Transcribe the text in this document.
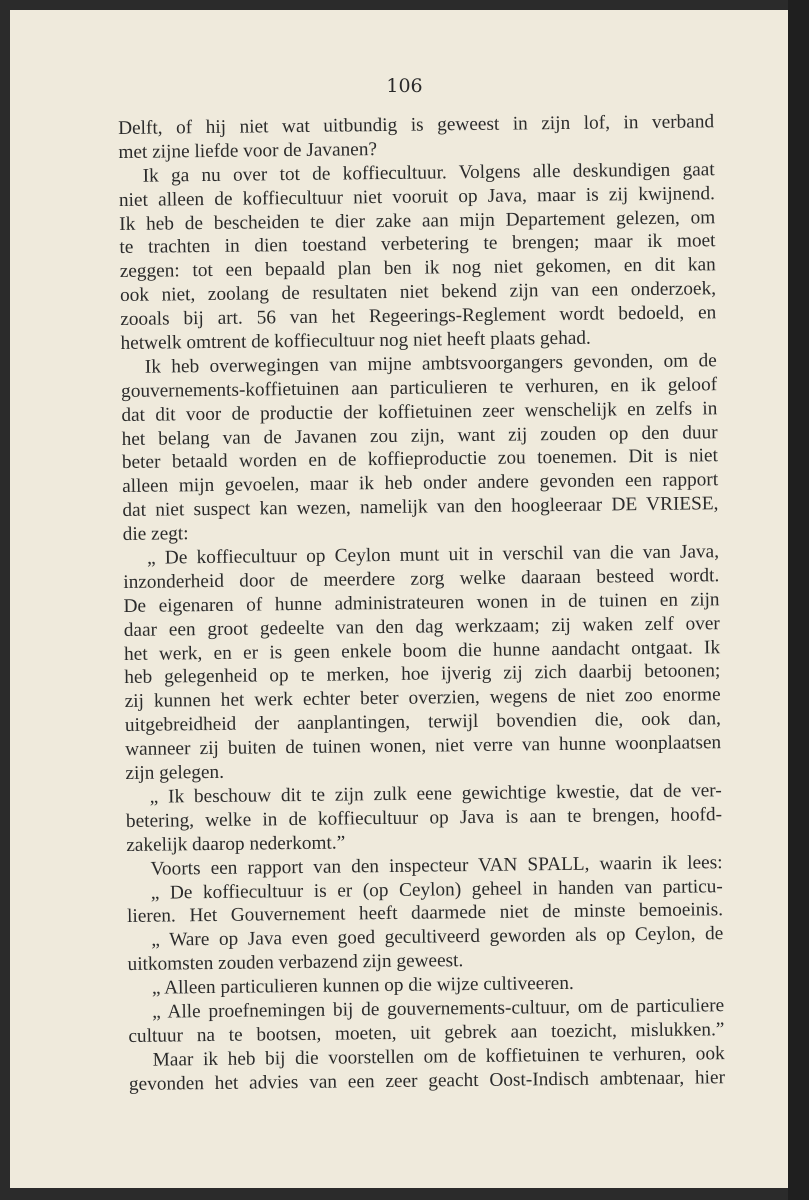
106
Delft, of hij niet wat uitbundig is geweest in zijn lof, in verband
met zijne liefde voor de Javanen?
Ik ga nu over tot de koffiecultuur. Volgens alle deskundigen gaat
niet alleen de koffiecultuur niet vooruit op Java, maar is zij kwijnend.
Ik heb de bescheiden te dier zake aan mijn Departement gelezen, om
te trachten in dien toestand verbetering te brengen; maar ik moet
zeggen: tot een bepaald plan ben ik nog niet gekomen, en dit kan
ook niet, zoolang de resultaten niet bekend zijn van een onderzoek,
zooals bij art. 56 van het Regeerings-Reglement wordt bedoeld, en
hetwelk omtrent de koffiecultuur nog niet heeft plaats gehad.
Ik heb overwegingen van mijne ambtsvoorgangers gevonden, om de
gouvernements-koffietuinen aan particulieren te verhuren, en ik geloof
dat dit voor de productie der koffietuinen zeer wenschelijk en zelfs in
het belang van de Javanen zou zijn, want zij zouden op den duur
beter betaald worden en de koffieproductie zou toenemen. Dit is niet
alleen mijn gevoelen, maar ik heb onder andere gevonden een rapport
dat niet suspect kan wezen, namelijk van den hoogleeraar DE VRIESE,
die zegt:
„ De koffiecultuur op Ceylon munt uit in verschil van die van Java,
inzonderheid door de meerdere zorg welke daaraan besteed wordt.
De eigenaren of hunne administrateuren wonen in de tuinen en zijn
daar een groot gedeelte van den dag werkzaam; zij waken zelf over
het werk, en er is geen enkele boom die hunne aandacht ontgaat. Ik
heb gelegenheid op te merken, hoe ijverig zij zich daarbij betoonen;
zij kunnen het werk echter beter overzien, wegens de niet zoo enorme
uitgebreidheid der aanplantingen, terwijl bovendien die, ook dan,
wanneer zij buiten de tuinen wonen, niet verre van hunne woonplaatsen
zijn gelegen.
„ Ik beschouw dit te zijn zulk eene gewichtige kwestie, dat de ver-
betering, welke in de koffiecultuur op Java is aan te brengen, hoofd-
zakelijk daarop nederkomt.”
Voorts een rapport van den inspecteur VAN SPALL, waarin ik lees:
„ De koffiecultuur is er (op Ceylon) geheel in handen van particu-
lieren. Het Gouvernement heeft daarmede niet de minste bemoeinis.
„ Ware op Java even goed gecultiveerd geworden als op Ceylon, de
uitkomsten zouden verbazend zijn geweest.
„ Alleen particulieren kunnen op die wijze cultiveeren.
„ Alle proefnemingen bij de gouvernements-cultuur, om de particuliere
cultuur na te bootsen, moeten, uit gebrek aan toezicht, mislukken.”
Maar ik heb bij die voorstellen om de koffietuinen te verhuren, ook
gevonden het advies van een zeer geacht Oost-Indisch ambtenaar, hier
